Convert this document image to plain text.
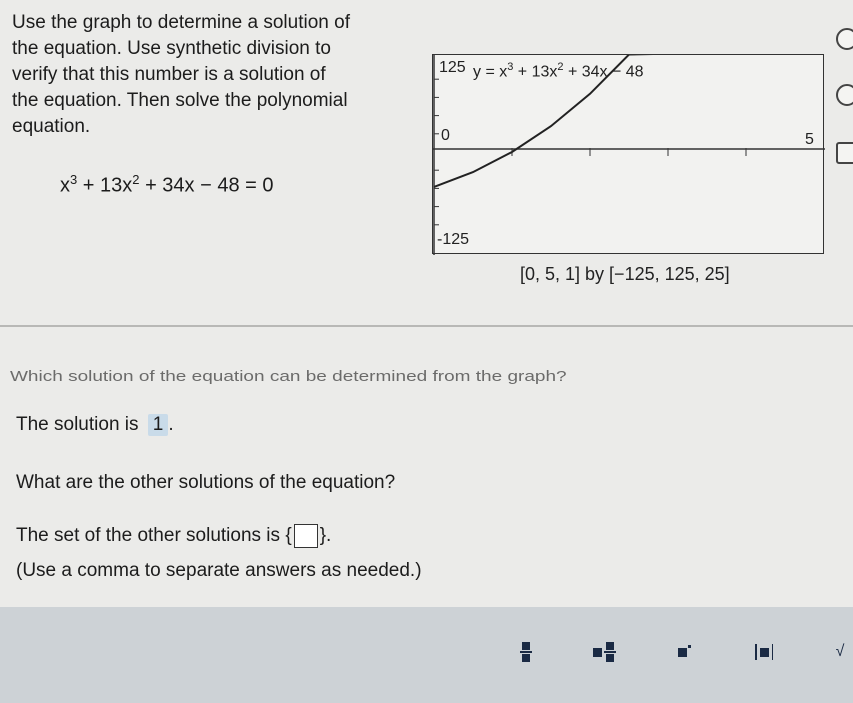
Use the graph to determine a solution of
the equation. Use synthetic division to
verify that this number is a solution of
the equation. Then solve the polynomial
equation.
$x^3 + 13x^2 + 34x - 48 = 0$
125 $y = x^3 + 13x^2 + 34x - 48$
0	5
-125
[0, 5, 1] by [−125, 125, 25]
Which solution of the equation can be determined from the graph?
The solution is 1 .
What are the other solutions of the equation?
The set of the other solutions is { }.
(Use a comma to separate answers as needed.)
√
